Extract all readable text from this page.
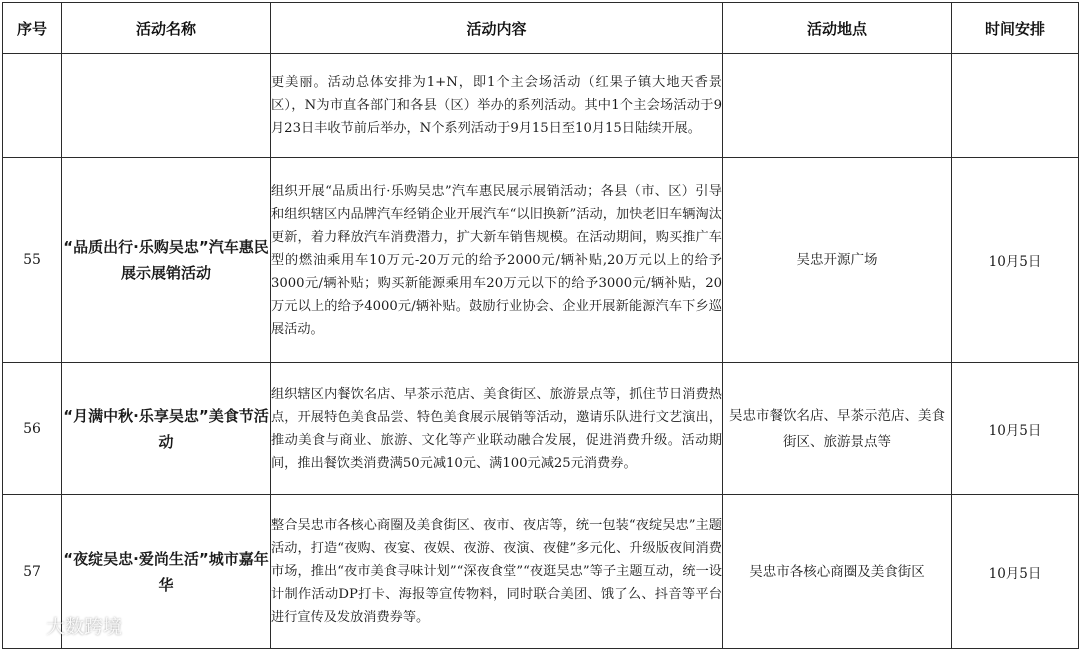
序号	活动名称	活动内容	活动地点	时间安排
		更美丽。活动总体安排为1+N，即1个主会场活动（红果子镇大地天香景区），N为市直各部门和各县（区）举办的系列活动。其中1个主会场活动于9月23日丰收节前后举办，N个系列活动于9月15日至10月15日陆续开展。		
55	“品质出行·乐购吴忠”汽车惠民展示展销活动	组织开展“品质出行·乐购吴忠”汽车惠民展示展销活动；各县（市、区）引导和组织辖区内品牌汽车经销企业开展汽车“以旧换新”活动，加快老旧车辆淘汰更新，着力释放汽车消费潜力，扩大新车销售规模。在活动期间，购买推广车型的燃油乘用车10万元-20万元的给予2000元/辆补贴,20万元以上的给予3000元/辆补贴；购买新能源乘用车20万元以下的给予3000元/辆补贴，20万元以上的给予4000元/辆补贴。鼓励行业协会、企业开展新能源汽车下乡巡展活动。	吴忠开源广场	10月5日
56	“月满中秋·乐享吴忠”美食节活动	组织辖区内餐饮名店、早茶示范店、美食街区、旅游景点等，抓住节日消费热点，开展特色美食品尝、特色美食展示展销等活动，邀请乐队进行文艺演出，推动美食与商业、旅游、文化等产业联动融合发展，促进消费升级。活动期间，推出餐饮类消费满50元减10元、满100元减25元消费券。	吴忠市餐饮名店、早茶示范店、美食街区、旅游景点等	10月5日
57	“夜绽吴忠·爱尚生活”城市嘉年华	整合吴忠市各核心商圈及美食街区、夜市、夜店等，统一包装“夜绽吴忠”主题活动，打造“夜购、夜宴、夜娱、夜游、夜演、夜健”多元化、升级版夜间消费市场，推出“夜市美食寻味计划”“深夜食堂”“夜逛吴忠”等子主题互动，统一设计制作活动DP打卡、海报等宣传物料，同时联合美团、饿了么、抖音等平台进行宣传及发放消费券等。	吴忠市各核心商圈及美食街区	10月5日
大数跨境
